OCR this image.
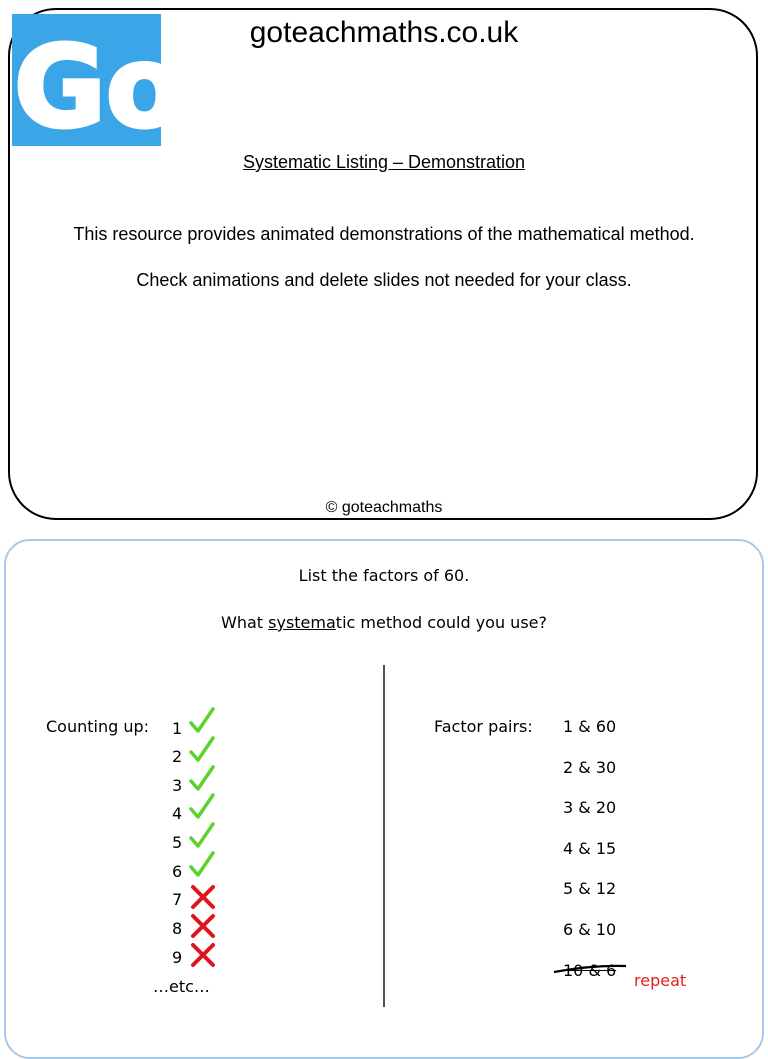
Go! goteachmaths.co.uk
Systematic Listing – Demonstration
This resource provides animated demonstrations of the mathematical method.
Check animations and delete slides not needed for your class.
© goteachmaths
List the factors of 60.
What systematic method could you use?
Counting up:	Factor pairs:
1
2
3
4
5
6
7
8
9
…etc…
1 & 60
2 & 30
3 & 20
4 & 15
5 & 12
6 & 10
10 & 6
repeat
